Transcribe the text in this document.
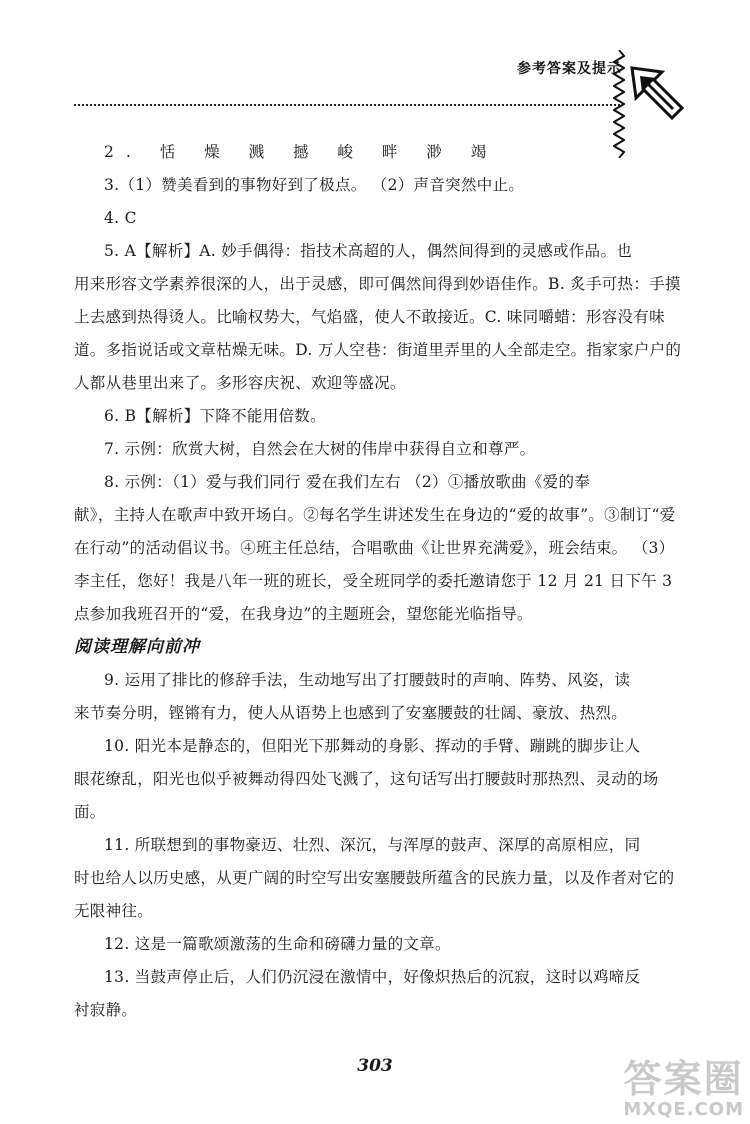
参考答案及提示

2. 恬 燥 溅 撼 峻 畔 渺 竭

3.（1）赞美看到的事物好到了极点。 （2）声音突然中止。

4. C

5. A【解析】A. 妙手偶得：指技术高超的人，偶然间得到的灵感或作品。也

用来形容文学素养很深的人，出于灵感，即可偶然间得到妙语佳作。B. 炙手可热：手摸上去感到热得烫人。比喻权势大，气焰盛，使人不敢接近。C. 味同嚼蜡：形容没有味道。多指说话或文章枯燥无味。D. 万人空巷：街道里弄里的人全部走空。指家家户户的人都从巷里出来了。多形容庆祝、欢迎等盛况。

6. B【解析】下降不能用倍数。

7. 示例：欣赏大树，自然会在大树的伟岸中获得自立和尊严。

8. 示例：（1）爱与我们同行 爱在我们左右 （2）①播放歌曲《爱的奉

献》，主持人在歌声中致开场白。②每名学生讲述发生在身边的“爱的故事”。③制订“爱在行动”的活动倡议书。④班主任总结，合唱歌曲《让世界充满爱》，班会结束。 （3）李主任，您好！我是八年一班的班长，受全班同学的委托邀请您于 12 月 21 日下午 3 点参加我班召开的“爱，在我身边”的主题班会，望您能光临指导。

阅读理解向前冲

9. 运用了排比的修辞手法，生动地写出了打腰鼓时的声响、阵势、风姿，读

来节奏分明，铿锵有力，使人从语势上也感到了安塞腰鼓的壮阔、豪放、热烈。

10. 阳光本是静态的，但阳光下那舞动的身影、挥动的手臂、蹦跳的脚步让人

眼花缭乱，阳光也似乎被舞动得四处飞溅了，这句话写出打腰鼓时那热烈、灵动的场面。

11. 所联想到的事物豪迈、壮烈、深沉，与浑厚的鼓声、深厚的高原相应，同

时也给人以历史感，从更广阔的时空写出安塞腰鼓所蕴含的民族力量，以及作者对它的无限神往。

12. 这是一篇歌颂激荡的生命和磅礴力量的文章。

13. 当鼓声停止后，人们仍沉浸在激情中，好像炽热后的沉寂，这时以鸡啼反

衬寂静。

303	答案圈
MXQE.COM
